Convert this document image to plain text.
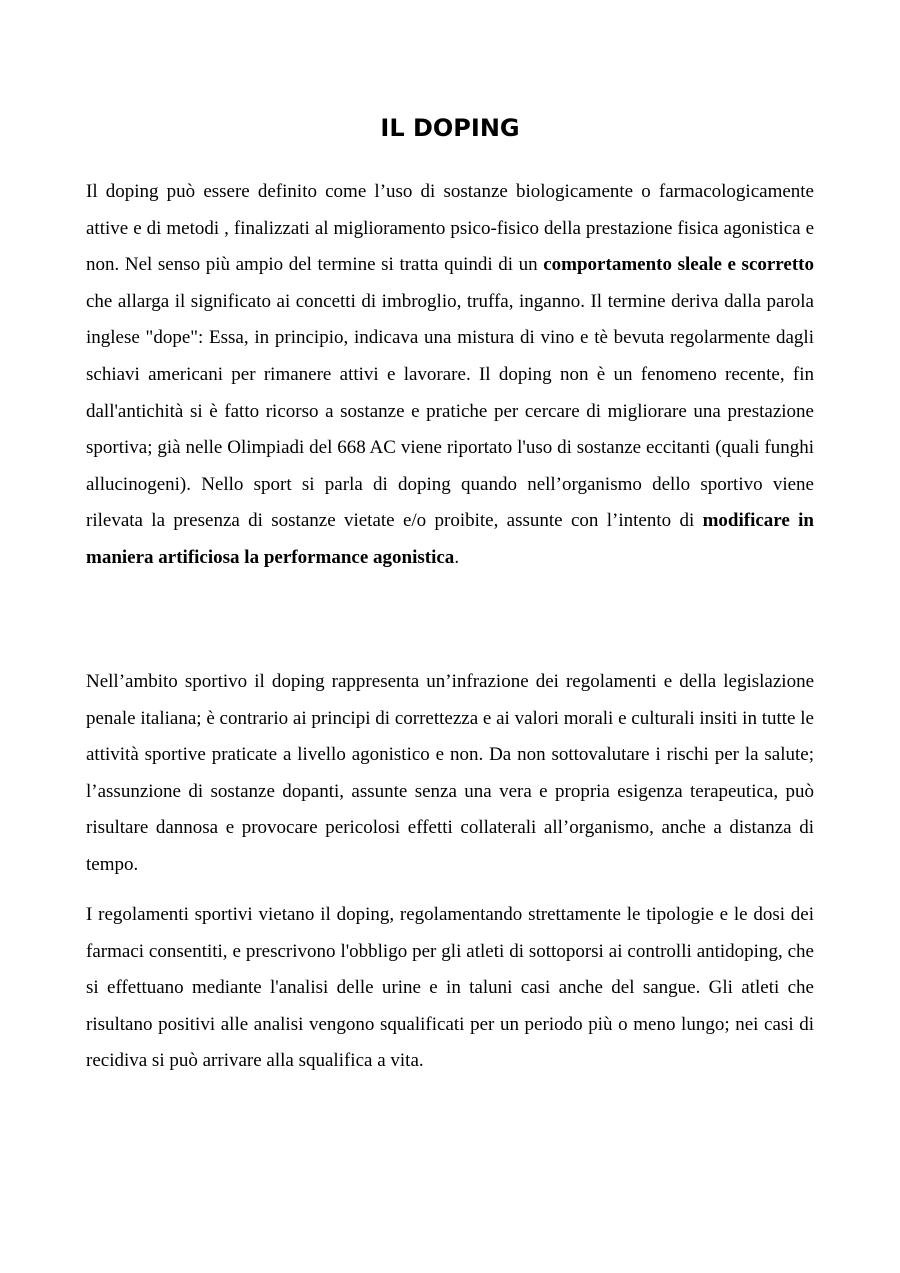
IL DOPING

Il doping può essere definito come l’uso di sostanze biologicamente o farmacologicamente attive e di metodi , finalizzati al miglioramento psico-fisico della prestazione fisica agonistica e non. Nel senso più ampio del termine si tratta quindi di un comportamento sleale e scorretto che allarga il significato ai concetti di imbroglio, truffa, inganno. Il termine deriva dalla parola inglese "dope": Essa, in principio, indicava una mistura di vino e tè bevuta regolarmente dagli schiavi americani per rimanere attivi e lavorare. Il doping non è un fenomeno recente, fin dall'antichità si è fatto ricorso a sostanze e pratiche per cercare di migliorare una prestazione sportiva; già nelle Olimpiadi del 668 AC viene riportato l'uso di sostanze eccitanti (quali funghi allucinogeni). Nello sport si parla di doping quando nell’organismo dello sportivo viene rilevata la presenza di sostanze vietate e/o proibite, assunte con l’intento di modificare in maniera artificiosa la performance agonistica.

Nell’ambito sportivo il doping rappresenta un’infrazione dei regolamenti e della legislazione penale italiana; è contrario ai principi di correttezza e ai valori morali e culturali insiti in tutte le attività sportive praticate a livello agonistico e non. Da non sottovalutare i rischi per la salute; l’assunzione di sostanze dopanti, assunte senza una vera e propria esigenza terapeutica, può risultare dannosa e provocare pericolosi effetti collaterali all’organismo, anche a distanza di tempo.

I regolamenti sportivi vietano il doping, regolamentando strettamente le tipologie e le dosi dei farmaci consentiti, e prescrivono l'obbligo per gli atleti di sottoporsi ai controlli antidoping, che si effettuano mediante l'analisi delle urine e in taluni casi anche del sangue. Gli atleti che risultano positivi alle analisi vengono squalificati per un periodo più o meno lungo; nei casi di recidiva si può arrivare alla squalifica a vita.
